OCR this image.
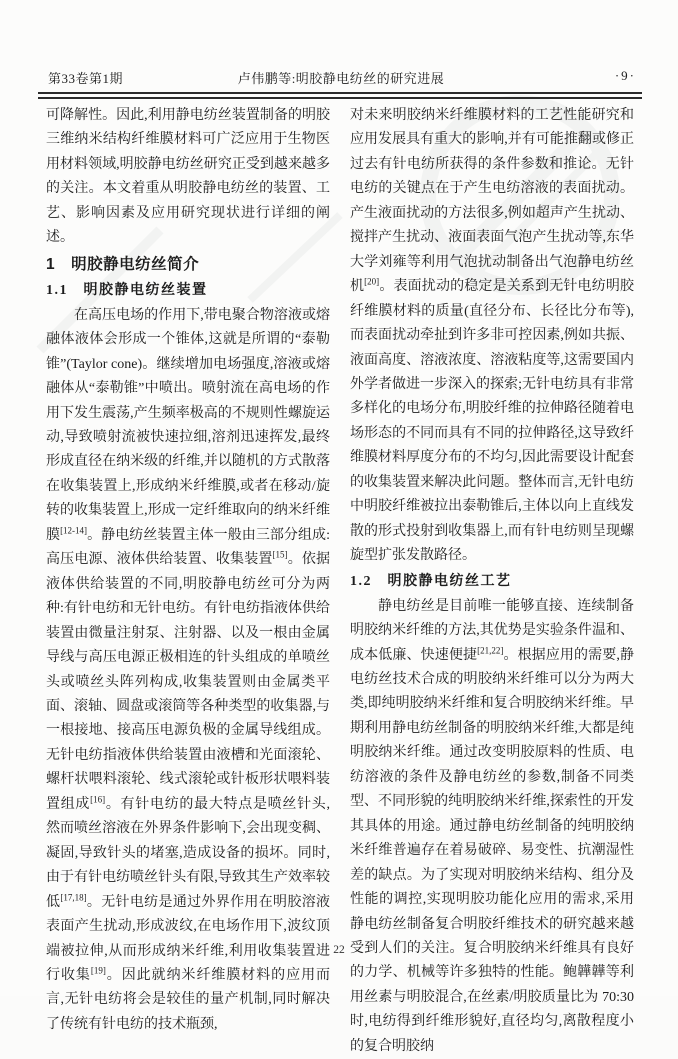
第33卷第1期	卢伟鹏等:明胶静电纺丝的研究进展	·9·

可降解性。因此,利用静电纺丝装置制备的明胶三维纳米结构纤维膜材料可广泛应用于生物医用材料领域,明胶静电纺丝研究正受到越来越多的关注。本文着重从明胶静电纺丝的装置、工艺、影响因素及应用研究现状进行详细的阐述。

1　明胶静电纺丝简介
1.1　明胶静电纺丝装置

在高压电场的作用下,带电聚合物溶液或熔融体液体会形成一个锥体,这就是所谓的“泰勒锥”(Taylor cone)。继续增加电场强度,溶液或熔融体从“泰勒锥”中喷出。喷射流在高电场的作用下发生震荡,产生频率极高的不规则性螺旋运动,导致喷射流被快速拉细,溶剂迅速挥发,最终形成直径在纳米级的纤维,并以随机的方式散落在收集装置上,形成纳米纤维膜,或者在移动/旋转的收集装置上,形成一定纤维取向的纳米纤维膜[12-14]。静电纺丝装置主体一般由三部分组成:高压电源、液体供给装置、收集装置[15]。依据液体供给装置的不同,明胶静电纺丝可分为两种:有针电纺和无针电纺。有针电纺指液体供给装置由微量注射泵、注射器、以及一根由金属导线与高压电源正极相连的针头组成的单喷丝头或喷丝头阵列构成,收集装置则由金属类平面、滚轴、圆盘或滚筒等各种类型的收集器,与一根接地、接高压电源负极的金属导线组成。无针电纺指液体供给装置由液槽和光面滚轮、螺杆状喂料滚轮、线式滚轮或针板形状喂料装置组成[16]。有针电纺的最大特点是喷丝针头,然而喷丝溶液在外界条件影响下,会出现变稠、凝固,导致针头的堵塞,造成设备的损坏。同时,由于有针电纺喷丝针头有限,导致其生产效率较低[17,18]。无针电纺是通过外界作用在明胶溶液表面产生扰动,形成波纹,在电场作用下,波纹顶端被拉伸,从而形成纳米纤维,利用收集装置进行收集[19]。因此就纳米纤维膜材料的应用而言,无针电纺将会是较佳的量产机制,同时解决了传统有针电纺的技术瓶颈,

对未来明胶纳米纤维膜材料的工艺性能研究和应用发展具有重大的影响,并有可能推翻或修正过去有针电纺所获得的条件参数和推论。无针电纺的关键点在于产生电纺溶液的表面扰动。产生液面扰动的方法很多,例如超声产生扰动、搅拌产生扰动、液面表面气泡产生扰动等,东华大学刘雍等利用气泡扰动制备出气泡静电纺丝机[20]。表面扰动的稳定是关系到无针电纺明胶纤维膜材料的质量(直径分布、长径比分布等),而表面扰动牵扯到许多非可控因素,例如共振、液面高度、溶液浓度、溶液粘度等,这需要国内外学者做进一步深入的探索;无针电纺具有非常多样化的电场分布,明胶纤维的拉伸路径随着电场形态的不同而具有不同的拉伸路径,这导致纤维膜材料厚度分布的不均匀,因此需要设计配套的收集装置来解决此问题。整体而言,无针电纺中明胶纤维被拉出泰勒锥后,主体以向上直线发散的形式投射到收集器上,而有针电纺则呈现螺旋型扩张发散路径。

1.2　明胶静电纺丝工艺

静电纺丝是目前唯一能够直接、连续制备明胶纳米纤维的方法,其优势是实验条件温和、成本低廉、快速便捷[21,22]。根据应用的需要,静电纺丝技术合成的明胶纳米纤维可以分为两大类,即纯明胶纳米纤维和复合明胶纳米纤维。早期利用静电纺丝制备的明胶纳米纤维,大都是纯明胶纳米纤维。通过改变明胶原料的性质、电纺溶液的条件及静电纺丝的参数,制备不同类型、不同形貌的纯明胶纳米纤维,探索性的开发其具体的用途。通过静电纺丝制备的纯明胶纳米纤维普遍存在着易破碎、易变性、抗潮湿性差的缺点。为了实现对明胶纳米结构、组分及性能的调控,实现明胶功能化应用的需求,采用静电纺丝制备复合明胶纤维技术的研究越来越受到人们的关注。复合明胶纳米纤维具有良好的力学、机械等许多独特的性能。鲍韡韡等利用丝素与明胶混合,在丝素/明胶质量比为 70:30 时,电纺得到纤维形貌好,直径均匀,离散程度小的复合明胶纳

22
